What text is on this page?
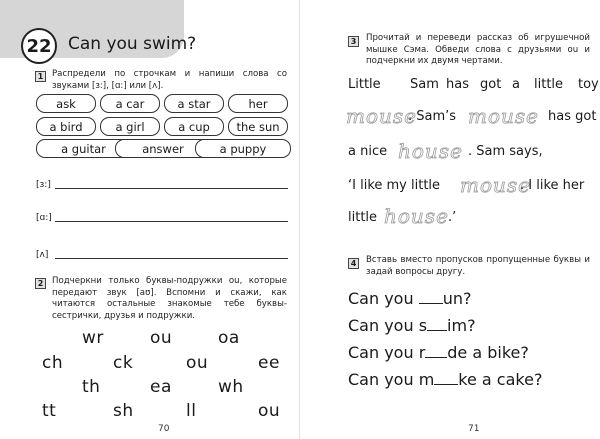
22 Can you swim?
1	Распредели по строчкам и напиши слова со звуками [ɜ:], [ɑ:] или [ʌ].
ask	a car	a star	her
a bird	a girl	a cup	the sun
a guitar	answer	a puppy
[ɜ:]
[ɑ:]
[ʌ]
2	Подчеркни только буквы-подружки ou, которые передают звук [aʊ]. Вспомни и скажи, как читаются остальные знакомые тебе буквы-сестрички, друзья и подружки.
wr	ou	oa
ch	ck	ou	ee
th	ea	wh
tt	sh	ll	ou
70
3	Прочитай и переведи рассказ об игрушечной мышке Сэма. Обведи слова с друзьями ou и подчеркни их двумя чертами.
Little Sam has got a little toy
mouse
. Sam’s mouse has got
a nice house . Sam says,
‘I like my little mouse
. I like her
little house .’
4	Вставь вместо пропусков пропущенные буквы и задай вопросы другу.
Can you un?
Can you s im?
Can you r de a bike?
Can you m ke a cake?
71
